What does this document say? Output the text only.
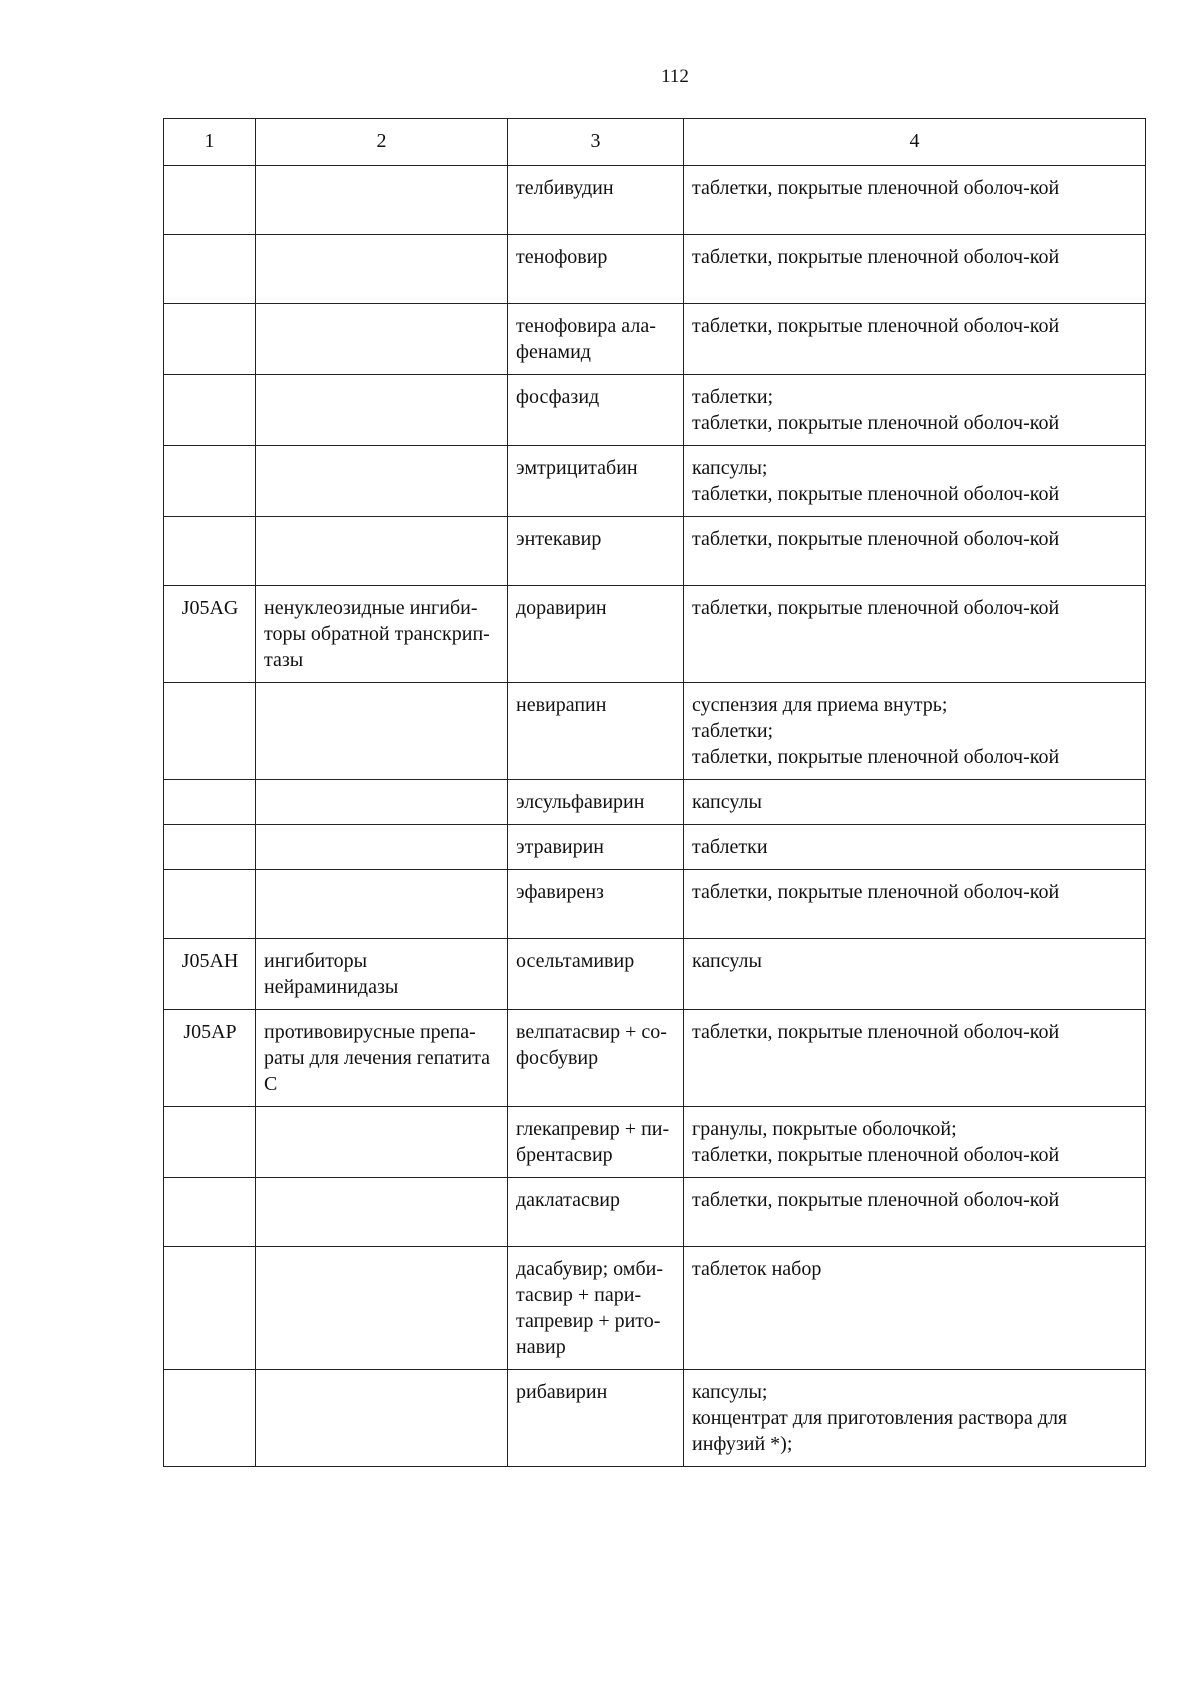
112
1	2	3	4
		телбивудин	таблетки, покрытые пленочной оболоч-кой

		тенофовир	таблетки, покрытые пленочной оболоч-кой

		тенофовира ала-фенамид	таблетки, покрытые пленочной оболоч-кой

		фосфазид	таблетки;
таблетки, покрытые пленочной оболоч-кой

		эмтрицитабин	капсулы;
таблетки, покрытые пленочной оболоч-кой

		энтекавир	таблетки, покрытые пленочной оболоч-кой

J05AG	ненуклеозидные ингиби-торы обратной транскрип-тазы	доравирин	таблетки, покрытые пленочной оболоч-кой

		невирапин	суспензия для приема внутрь;
таблетки;
таблетки, покрытые пленочной оболоч-кой

		элсульфавирин	капсулы

		этравирин	таблетки

		эфавиренз	таблетки, покрытые пленочной оболоч-кой

J05AH	ингибиторы нейраминидазы	осельтамивир	капсулы

J05AP	противовирусные препа-раты для лечения гепатита C	велпатасвир + со-фосбувир	таблетки, покрытые пленочной оболоч-кой

		глекапревир + пи-брентасвир	гранулы, покрытые оболочкой;
таблетки, покрытые пленочной оболоч-кой

		даклатасвир	таблетки, покрытые пленочной оболоч-кой

		дасабувир; омби-тасвир + пари-тапревир + рито-навир	таблеток набор

		рибавирин	капсулы;
концентрат для приготовления раствора для инфузий *);
